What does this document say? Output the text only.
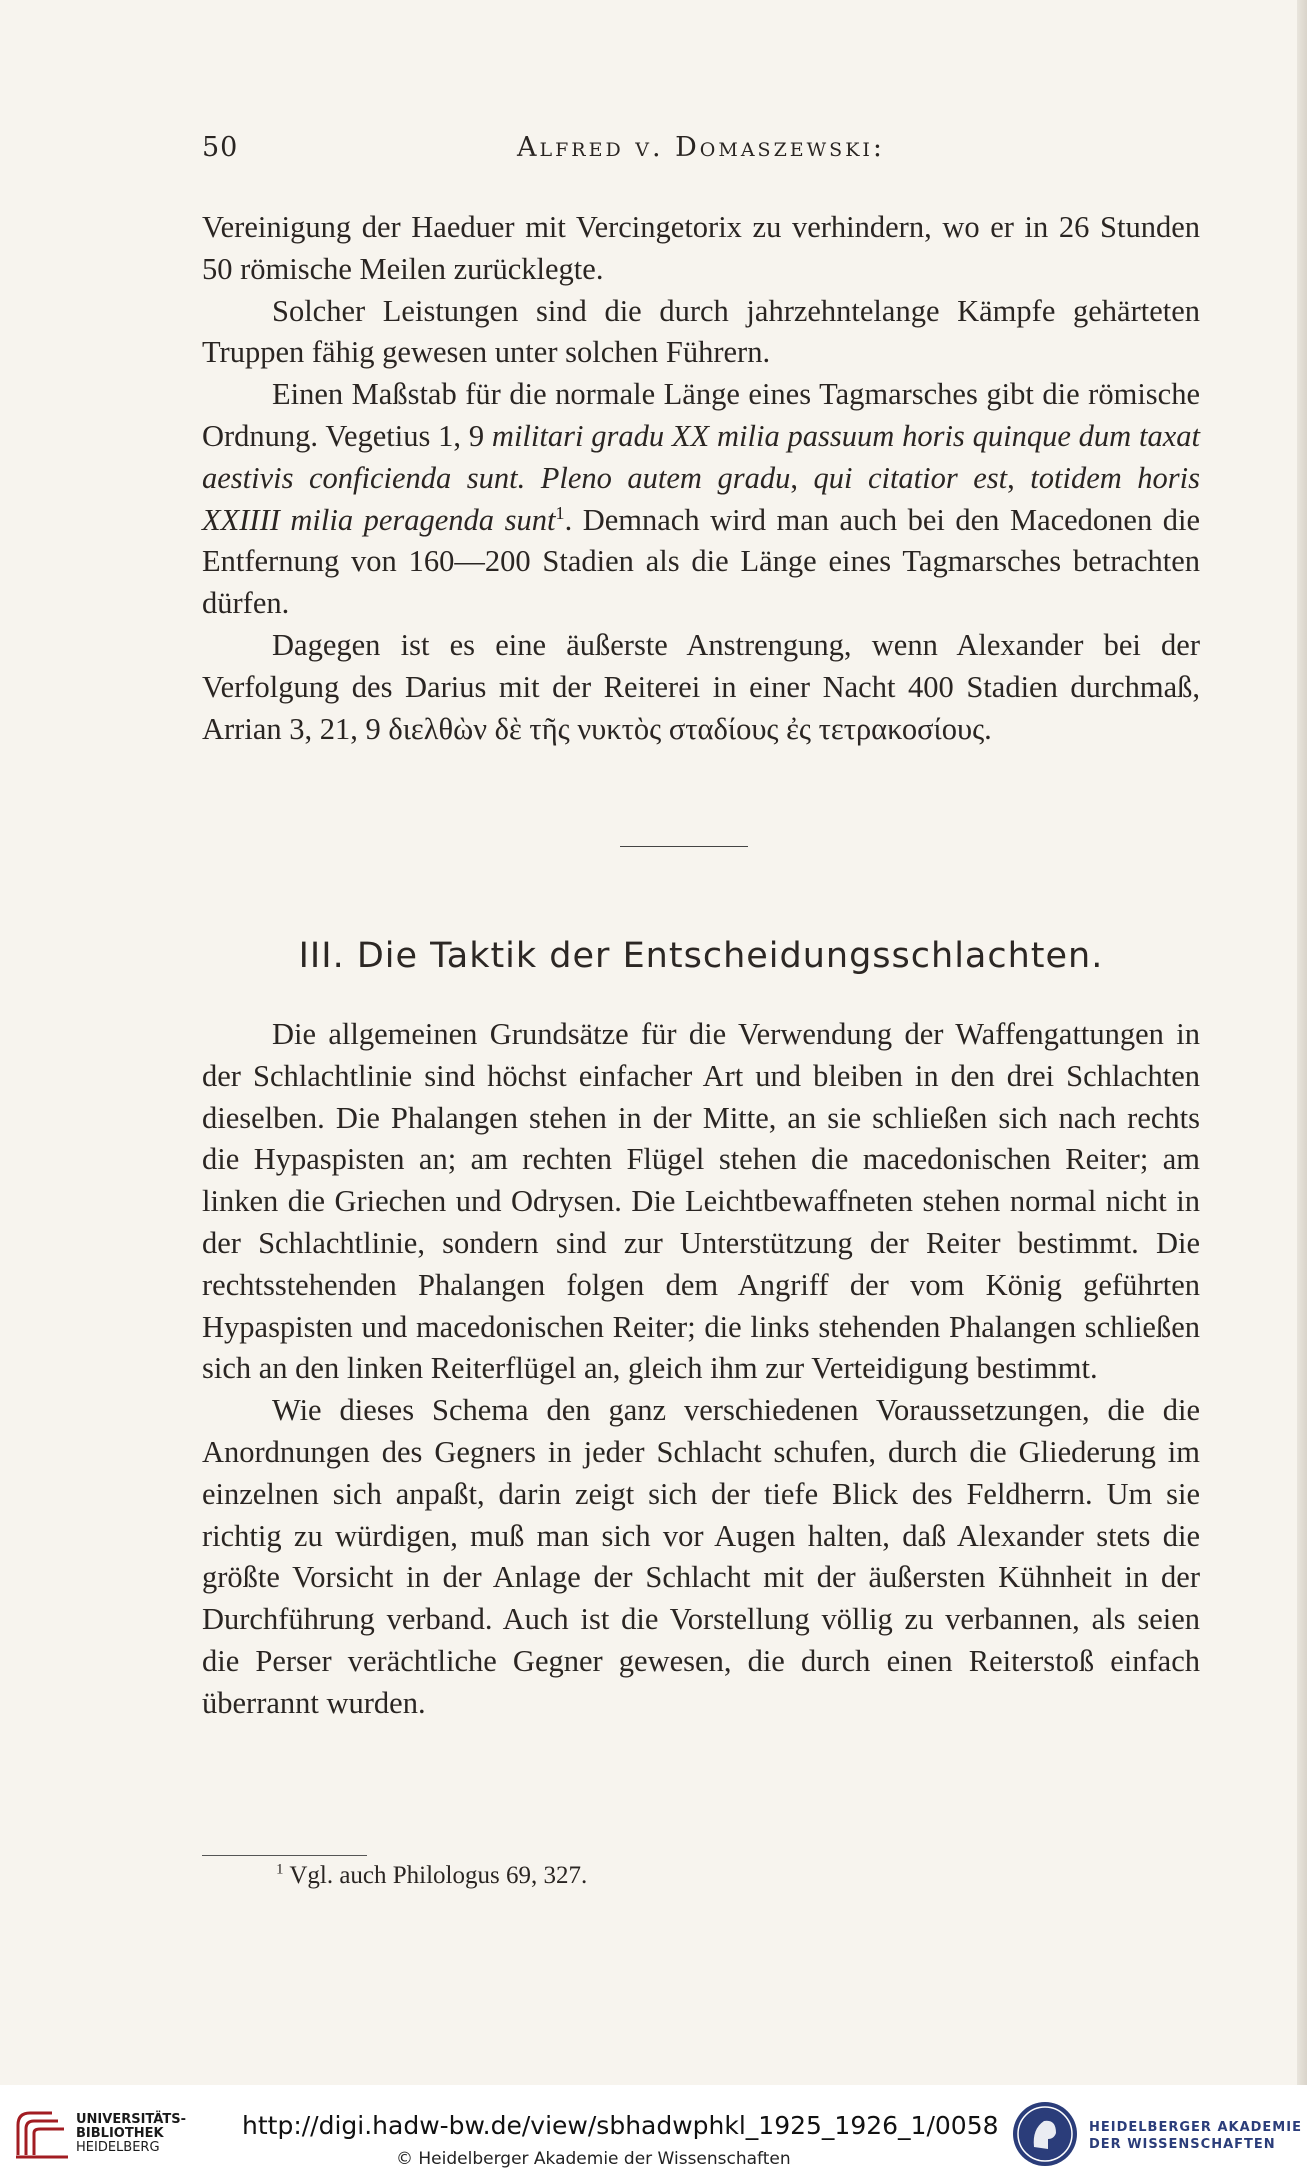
50	Alfred v. Domaszewski:

Vereinigung der Haeduer mit Vercingetorix zu verhindern, wo er in 26 Stunden 50 römische Meilen zurücklegte.

Solcher Leistungen sind die durch jahrzehntelange Kämpfe gehärteten Truppen fähig gewesen unter solchen Führern.

Einen Maßstab für die normale Länge eines Tagmarsches gibt die römische Ordnung. Vegetius 1, 9 militari gradu XX milia passuum horis quinque dum taxat aestivis conficienda sunt. Pleno autem gradu, qui citatior est, totidem horis XXIIII milia peragenda sunt$^1$. Demnach wird man auch bei den Macedonen die Entfernung von 160—200 Stadien als die Länge eines Tagmarsches betrachten dürfen.

Dagegen ist es eine äußerste Anstrengung, wenn Alexander bei der Verfolgung des Darius mit der Reiterei in einer Nacht 400 Stadien durchmaß, Arrian 3, 21, 9 διελθὼν δὲ τῆς νυκτὸς σταδίους ἐς τετρακοσίους.

III. Die Taktik der Entscheidungsschlachten.

Die allgemeinen Grundsätze für die Verwendung der Waffengattungen in der Schlachtlinie sind höchst einfacher Art und bleiben in den drei Schlachten dieselben. Die Phalangen stehen in der Mitte, an sie schließen sich nach rechts die Hypaspisten an; am rechten Flügel stehen die macedonischen Reiter; am linken die Griechen und Odrysen. Die Leichtbewaffneten stehen normal nicht in der Schlachtlinie, sondern sind zur Unterstützung der Reiter bestimmt. Die rechtsstehenden Phalangen folgen dem Angriff der vom König geführten Hypaspisten und macedonischen Reiter; die links stehenden Phalangen schließen sich an den linken Reiterflügel an, gleich ihm zur Verteidigung bestimmt.

Wie dieses Schema den ganz verschiedenen Voraussetzungen, die die Anordnungen des Gegners in jeder Schlacht schufen, durch die Gliederung im einzelnen sich anpaßt, darin zeigt sich der tiefe Blick des Feldherrn. Um sie richtig zu würdigen, muß man sich vor Augen halten, daß Alexander stets die größte Vorsicht in der Anlage der Schlacht mit der äußersten Kühnheit in der Durchführung verband. Auch ist die Vorstellung völlig zu verbannen, als seien die Perser verächtliche Gegner gewesen, die durch einen Reiterstoß einfach überrannt wurden.

$^1$ Vgl. auch Philologus 69, 327.
UNIVERSITÄTS-
BIBLIOTHEK
HEIDELBERG
http://digi.hadw-bw.de/view/sbhadwphkl_1925_1926_1/0058
© Heidelberger Akademie der Wissenschaften
HEIDELBERGER AKADEMIE
DER WISSENSCHAFTEN
